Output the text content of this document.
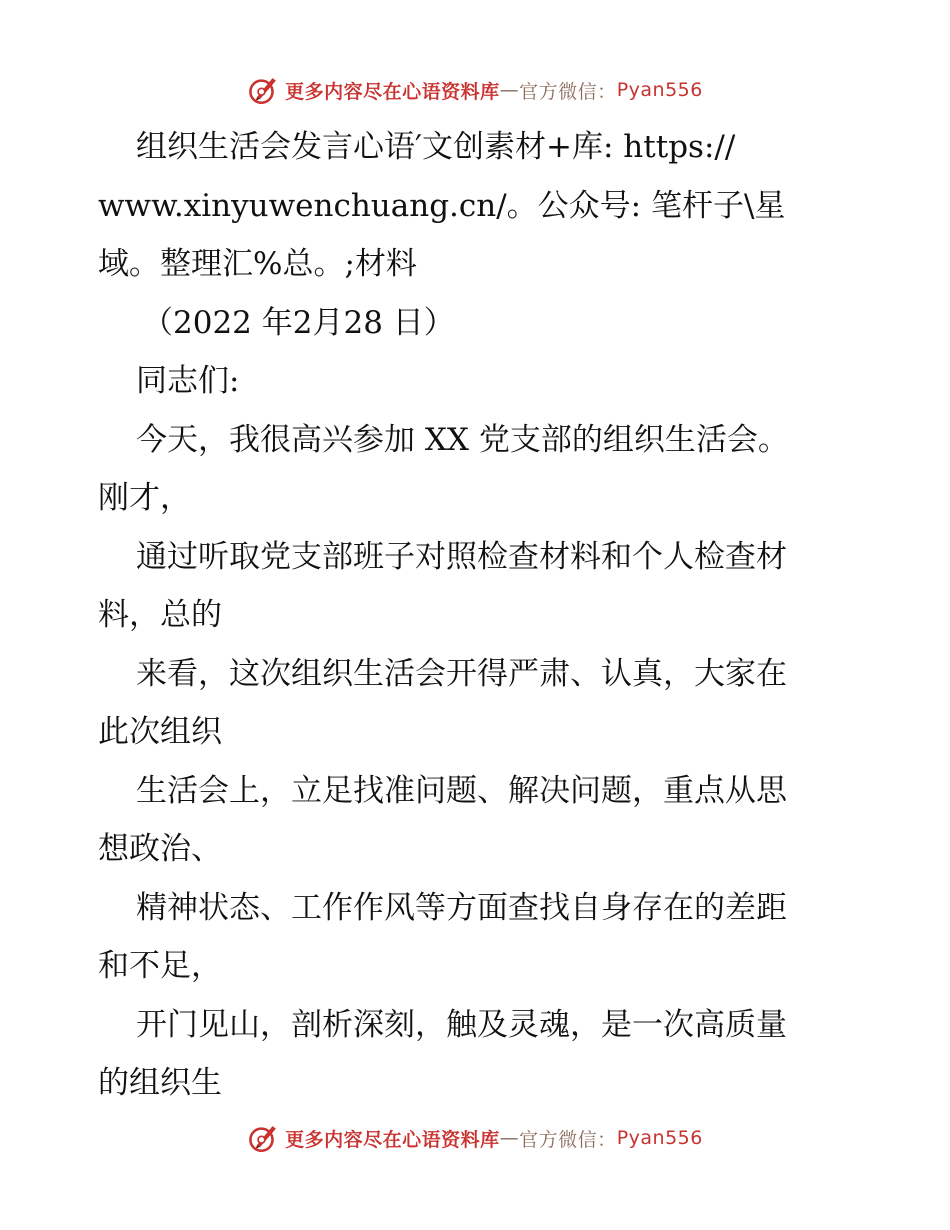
更多内容尽在心语资料库 — 官方微信： Pyan556
组织生活会发言心语′文创素材+库: https://
www.xinyuwenchuang.cn/。公众号: 笔杆子\星
域。整理汇%总。;材料
（2022 年2月28 日）
同志们:
今天，我很高兴参加 XX 党支部的组织生活会。
刚才，
通过听取党支部班子对照检查材料和个人检查材
料，总的
来看，这次组织生活会开得严肃、认真，大家在
此次组织
生活会上，立足找准问题、解决问题，重点从思
想政治、
精神状态、工作作风等方面查找自身存在的差距
和不足，
开门见山，剖析深刻，触及灵魂，是一次高质量
的组织生
更多内容尽在心语资料库 — 官方微信： Pyan556
